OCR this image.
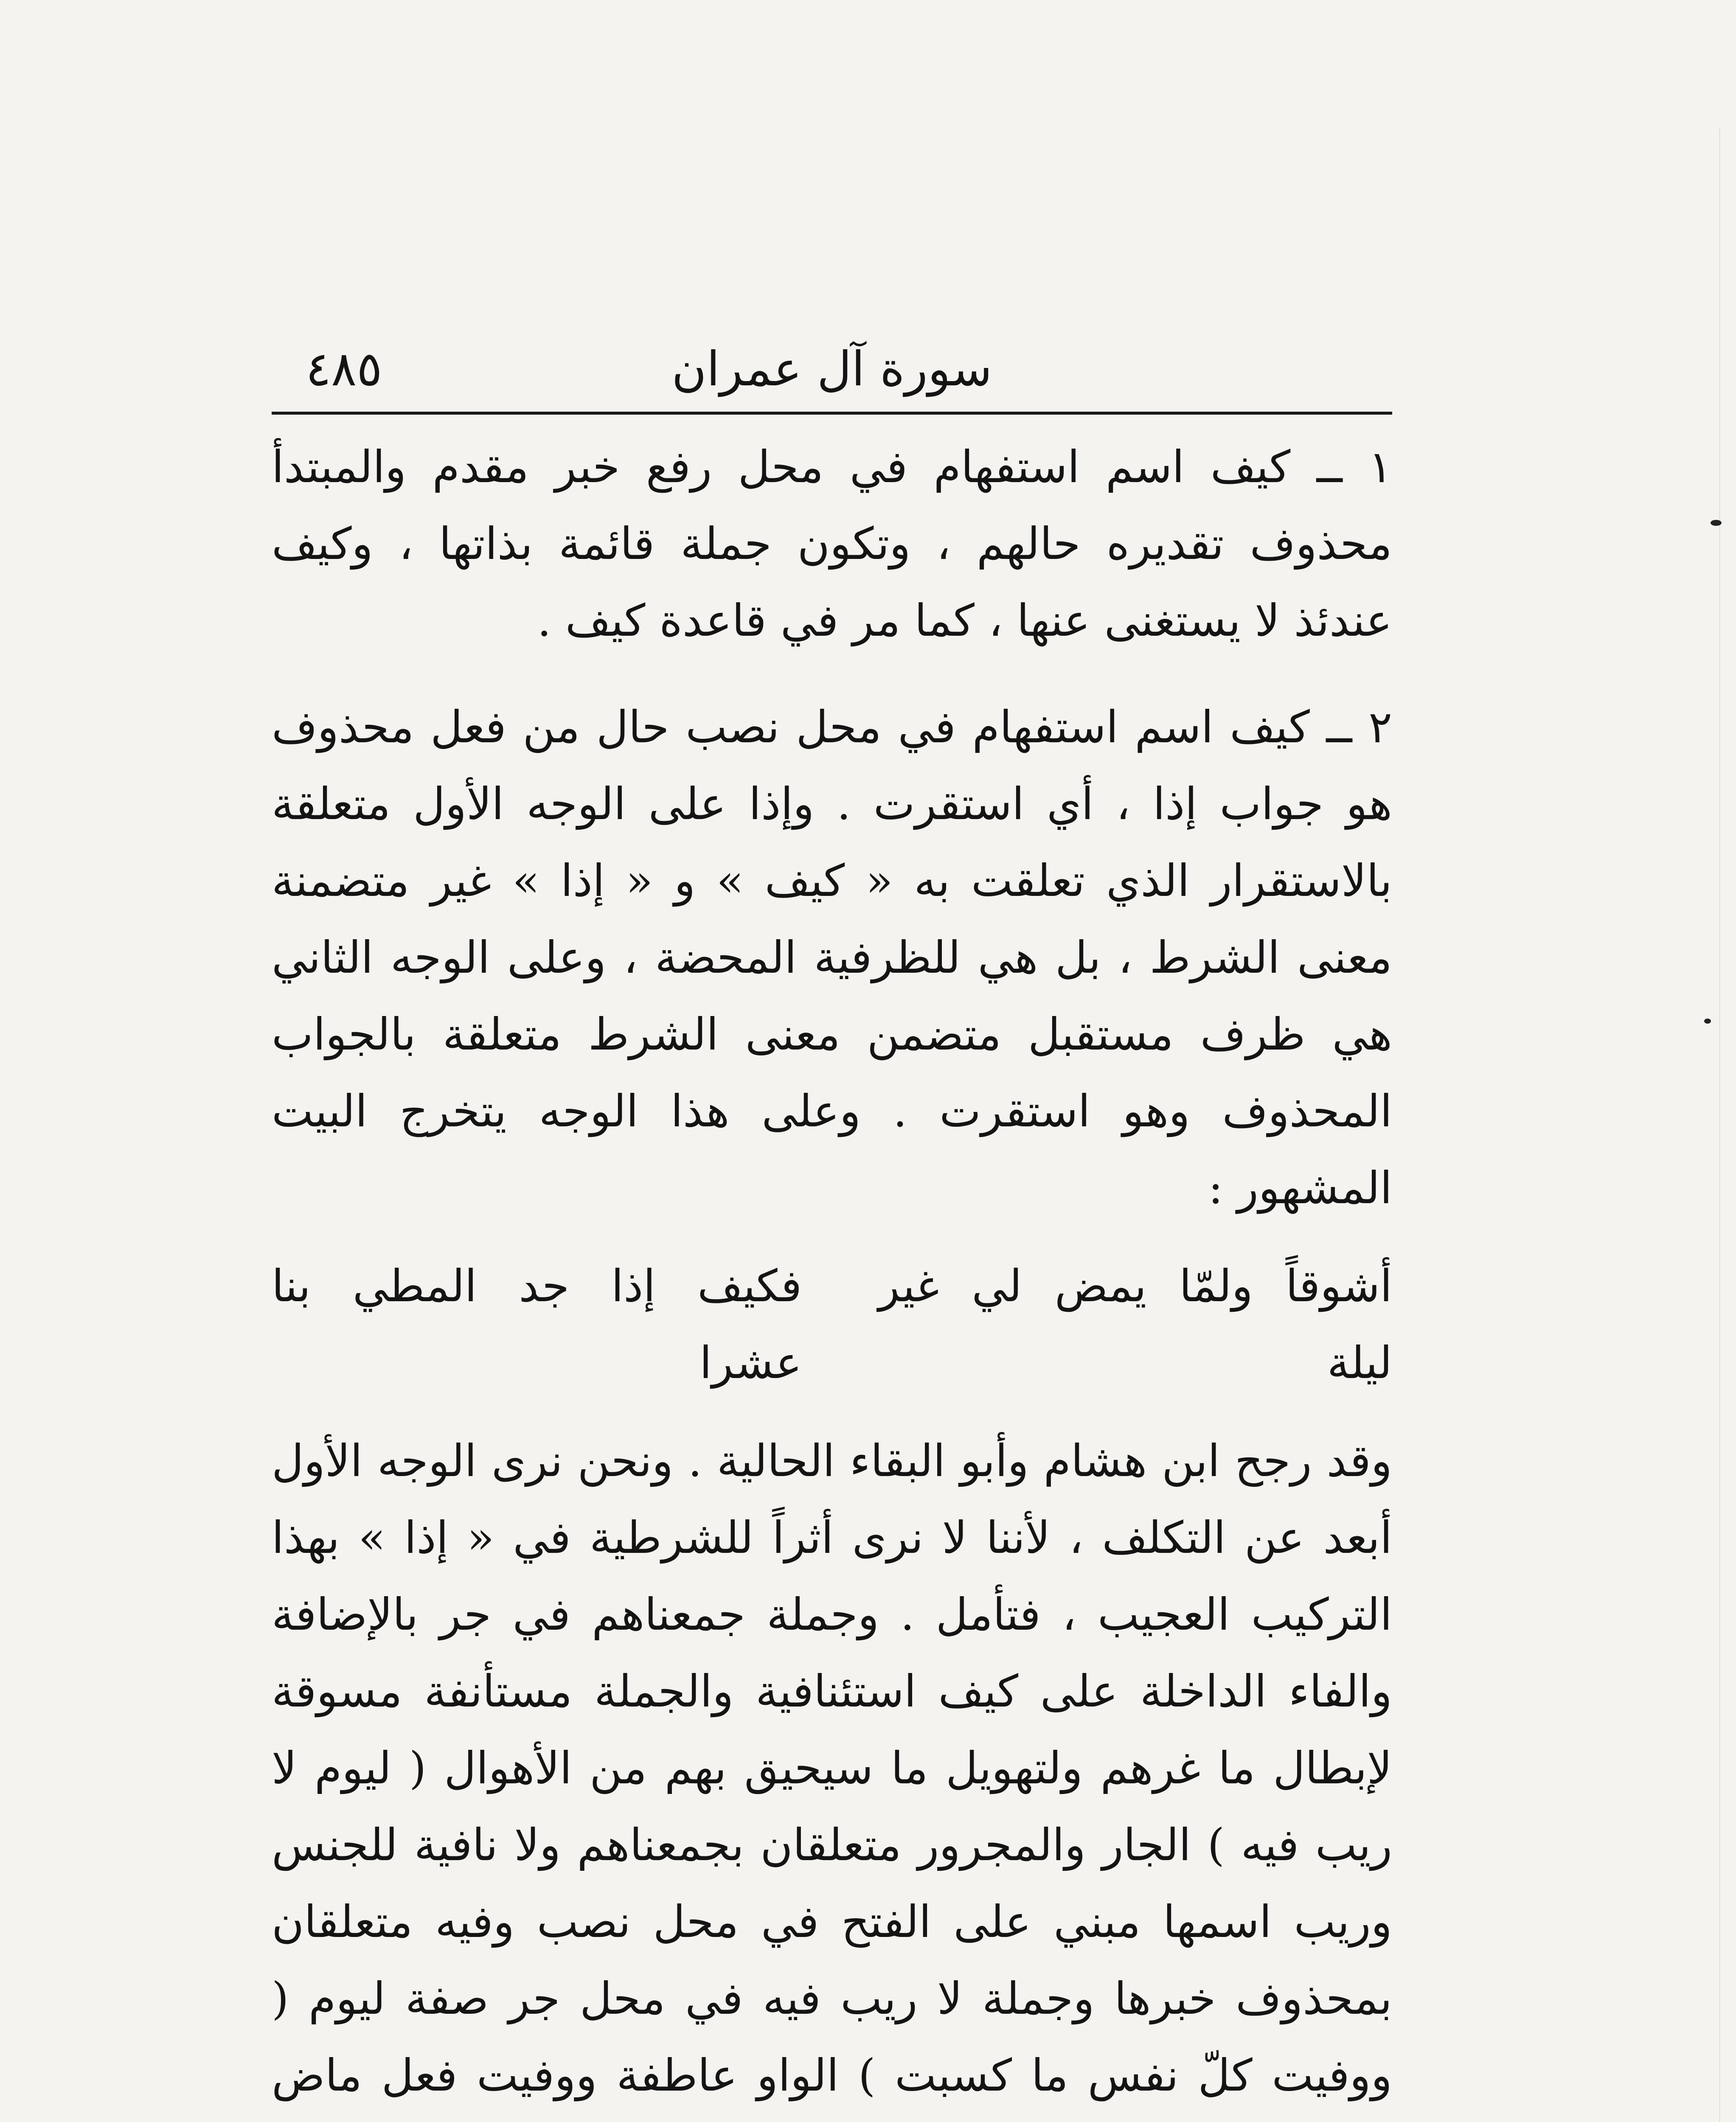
٤٨٥	سورة آل عمران

١ ــ كيف اسم استفهام في محل رفع خبر مقدم والمبتدأ محذوف تقديره حالهم ، وتكون جملة قائمة بذاتها ، وكيف عندئذ لا يستغنى عنها ، كما مر في قاعدة كيف .

٢ ــ كيف اسم استفهام في محل نصب حال من فعل محذوف هو جواب إذا ، أي استقرت . وإذا على الوجه الأول متعلقة بالاستقرار الذي تعلقت به « كيف » و « إذا » غير متضمنة معنى الشرط ، بل هي للظرفية المحضة ، وعلى الوجه الثاني هي ظرف مستقبل متضمن معنى الشرط متعلقة بالجواب المحذوف وهو استقرت . وعلى هذا الوجه يتخرج البيت المشهور :

أشوقاً ولمّا يمض لي غير ليلة
فكيف إذا جد المطي بنا عشرا

وقد رجح ابن هشام وأبو البقاء الحالية . ونحن نرى الوجه الأول أبعد عن التكلف ، لأننا لا نرى أثراً للشرطية في « إذا » بهذا التركيب العجيب ، فتأمل . وجملة جمعناهم في جر بالإضافة والفاء الداخلة على كيف استئنافية والجملة مستأنفة مسوقة لإبطال ما غرهم ولتهويل ما سيحيق بهم من الأهوال ( ليوم لا ريب فيه ) الجار والمجرور متعلقان بجمعناهم ولا نافية للجنس وريب اسمها مبني على الفتح في محل نصب وفيه متعلقان بمحذوف خبرها وجملة لا ريب فيه في محل جر صفة ليوم ( ووفيت كلّ نفس ما كسبت ) الواو عاطفة ووفيت فعل ماض
